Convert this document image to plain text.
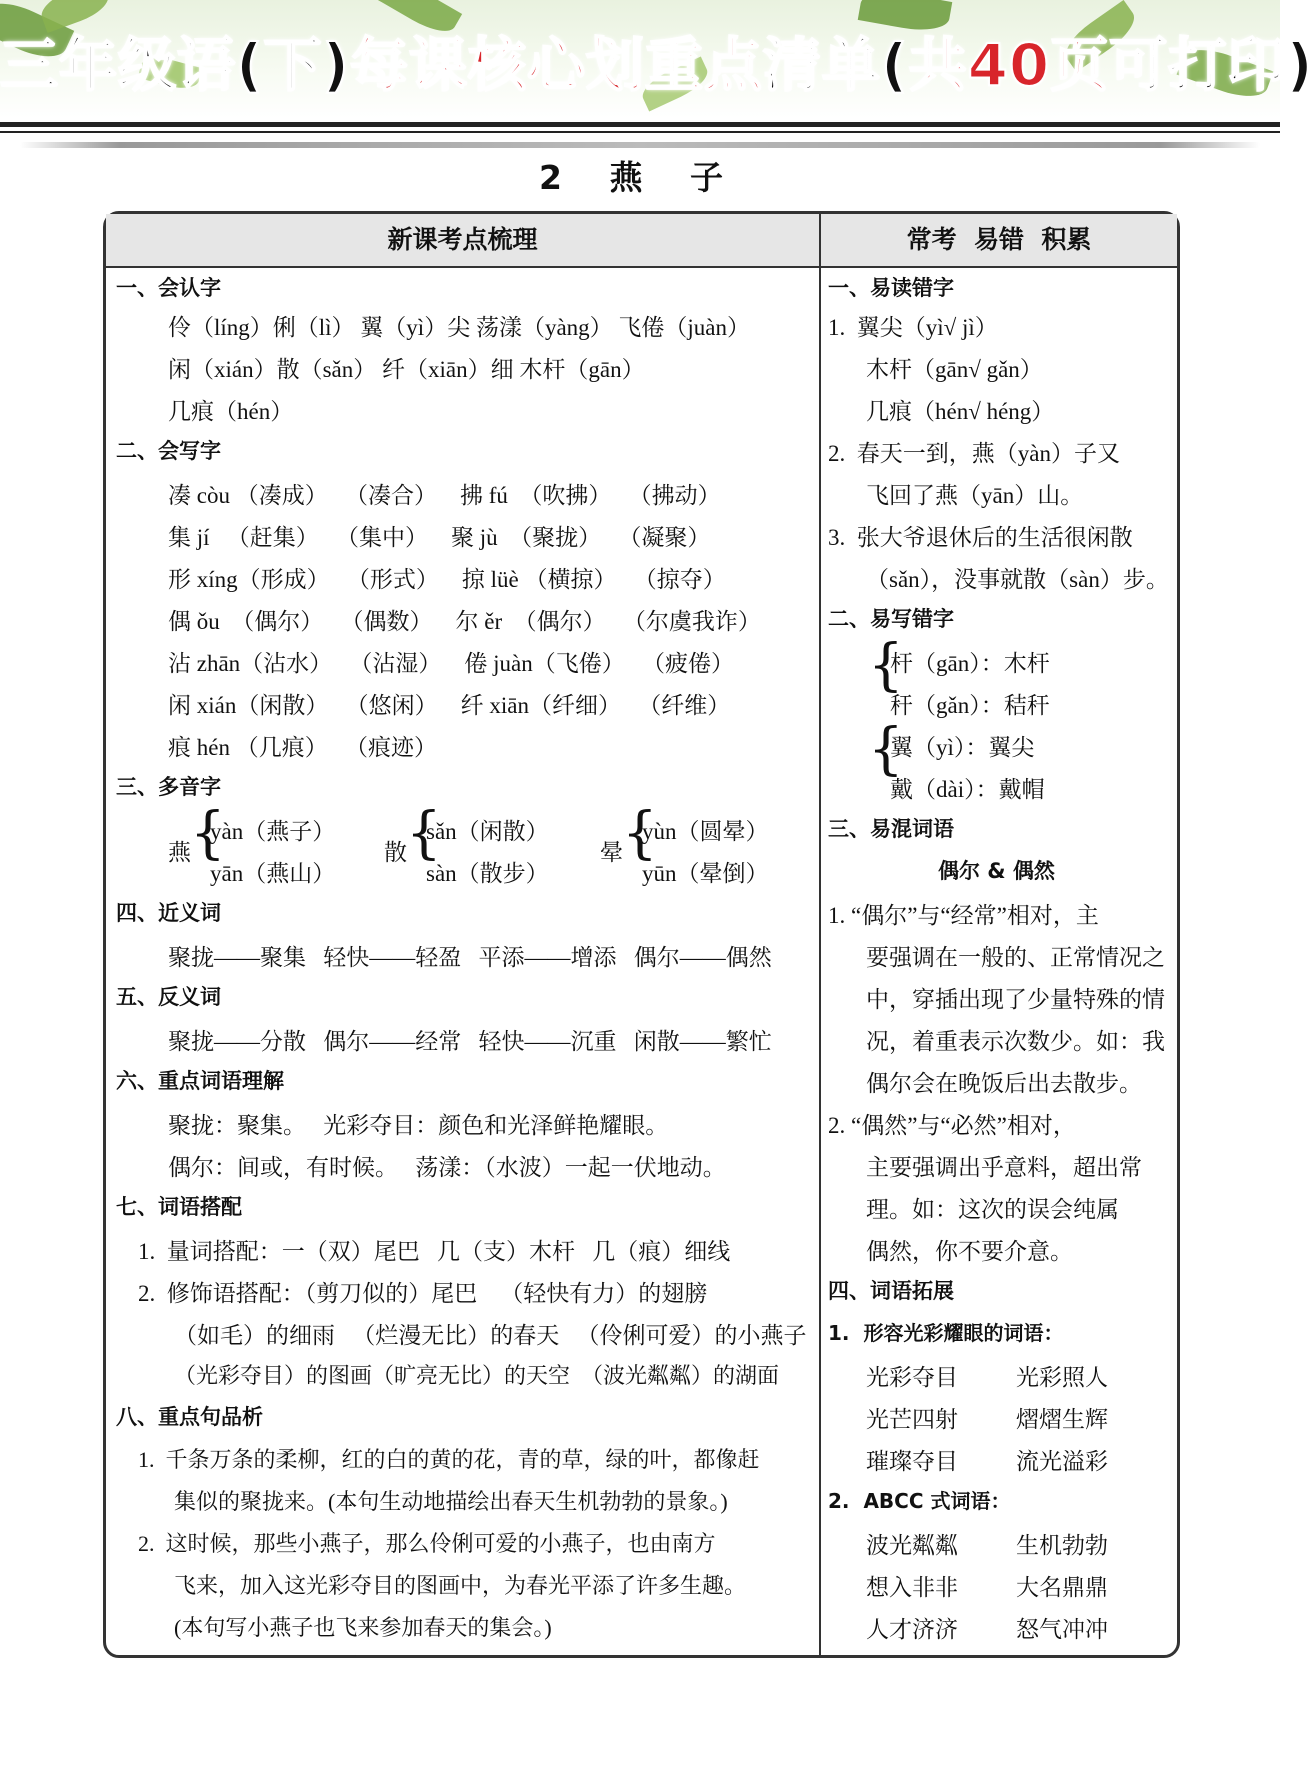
三年级语(下)每课核心划重点清单(共40页可打印)
2 燕 子
新课考点梳理	常考  易错  积累
一、会认字
伶（líng）俐（lì） 翼（yì）尖 荡漾（yàng） 飞倦（juàn）
闲（xián）散（sǎn） 纤（xiān）细 木杆（gān）
几痕（hén）
二、会写字
凑 còu （凑成）   （凑合）    拂 fú  （吹拂）   （拂动）
集 jí   （赶集）   （集中）    聚 jù  （聚拢）   （凝聚）
形 xíng（形成）   （形式）    掠 lüè （横掠）   （掠夺）
偶 ǒu  （偶尔）   （偶数）    尔 ěr  （偶尔）   （尔虞我诈）
沾 zhān（沾水）   （沾湿）    倦 juàn（飞倦）   （疲倦）
闲 xián（闲散）   （悠闲）    纤 xiān（纤细）   （纤维）
痕 hén （几痕）   （痕迹）
三、多音字
燕 {
yàn（燕子）
yān（燕山）
散 {
sǎn（闲散）
sàn（散步）
晕 {
yùn（圆晕）
yūn（晕倒）
四、近义词
聚拢——聚集   轻快——轻盈   平添——增添   偶尔——偶然
五、反义词
聚拢——分散   偶尔——经常   轻快——沉重   闲散——繁忙
六、重点词语理解
聚拢：聚集。   光彩夺目：颜色和光泽鲜艳耀眼。
偶尔：间或，有时候。   荡漾：（水波）一起一伏地动。
七、词语搭配
1.  量词搭配：一（双）尾巴   几（支）木杆   几（痕）细线
2.  修饰语搭配：（剪刀似的）尾巴    （轻快有力）的翅膀
（如毛）的细雨   （烂漫无比）的春天   （伶俐可爱）的小燕子
（光彩夺目）的图画（旷亮无比）的天空  （波光粼粼）的湖面
八、重点句品析
1.  千条万条的柔柳，红的白的黄的花，青的草，绿的叶，都像赶
集似的聚拢来。(本句生动地描绘出春天生机勃勃的景象。)
2.  这时候，那些小燕子，那么伶俐可爱的小燕子，也由南方
飞来，加入这光彩夺目的图画中，为春光平添了许多生趣。
(本句写小燕子也飞来参加春天的集会。)
一、易读错字
1.  翼尖（yì√ jì）
木杆（gān√ gǎn）
几痕（hén√ héng）
2.  春天一到，燕（yàn）子又
飞回了燕（yān）山。
3.  张大爷退休后的生活很闲散
（sǎn），没事就散（sàn）步。
二、易写错字
{
杆（gān）：木杆
秆（gǎn）：秸秆
{
翼（yì）：翼尖
戴（dài）：戴帽
三、易混词语
偶尔 & 偶然
1. “偶尔”与“经常”相对，主
要强调在一般的、正常情况之
中，穿插出现了少量特殊的情
况，着重表示次数少。如：我
偶尔会在晚饭后出去散步。
2. “偶然”与“必然”相对，
主要强调出乎意料，超出常
理。如：这次的误会纯属
偶然，你不要介意。
四、词语拓展
1.  形容光彩耀眼的词语：
光彩夺目	光彩照人
光芒四射	熠熠生辉
璀璨夺目	流光溢彩
2.  ABCC 式词语：
波光粼粼	生机勃勃
想入非非	大名鼎鼎
人才济济	怒气冲冲
